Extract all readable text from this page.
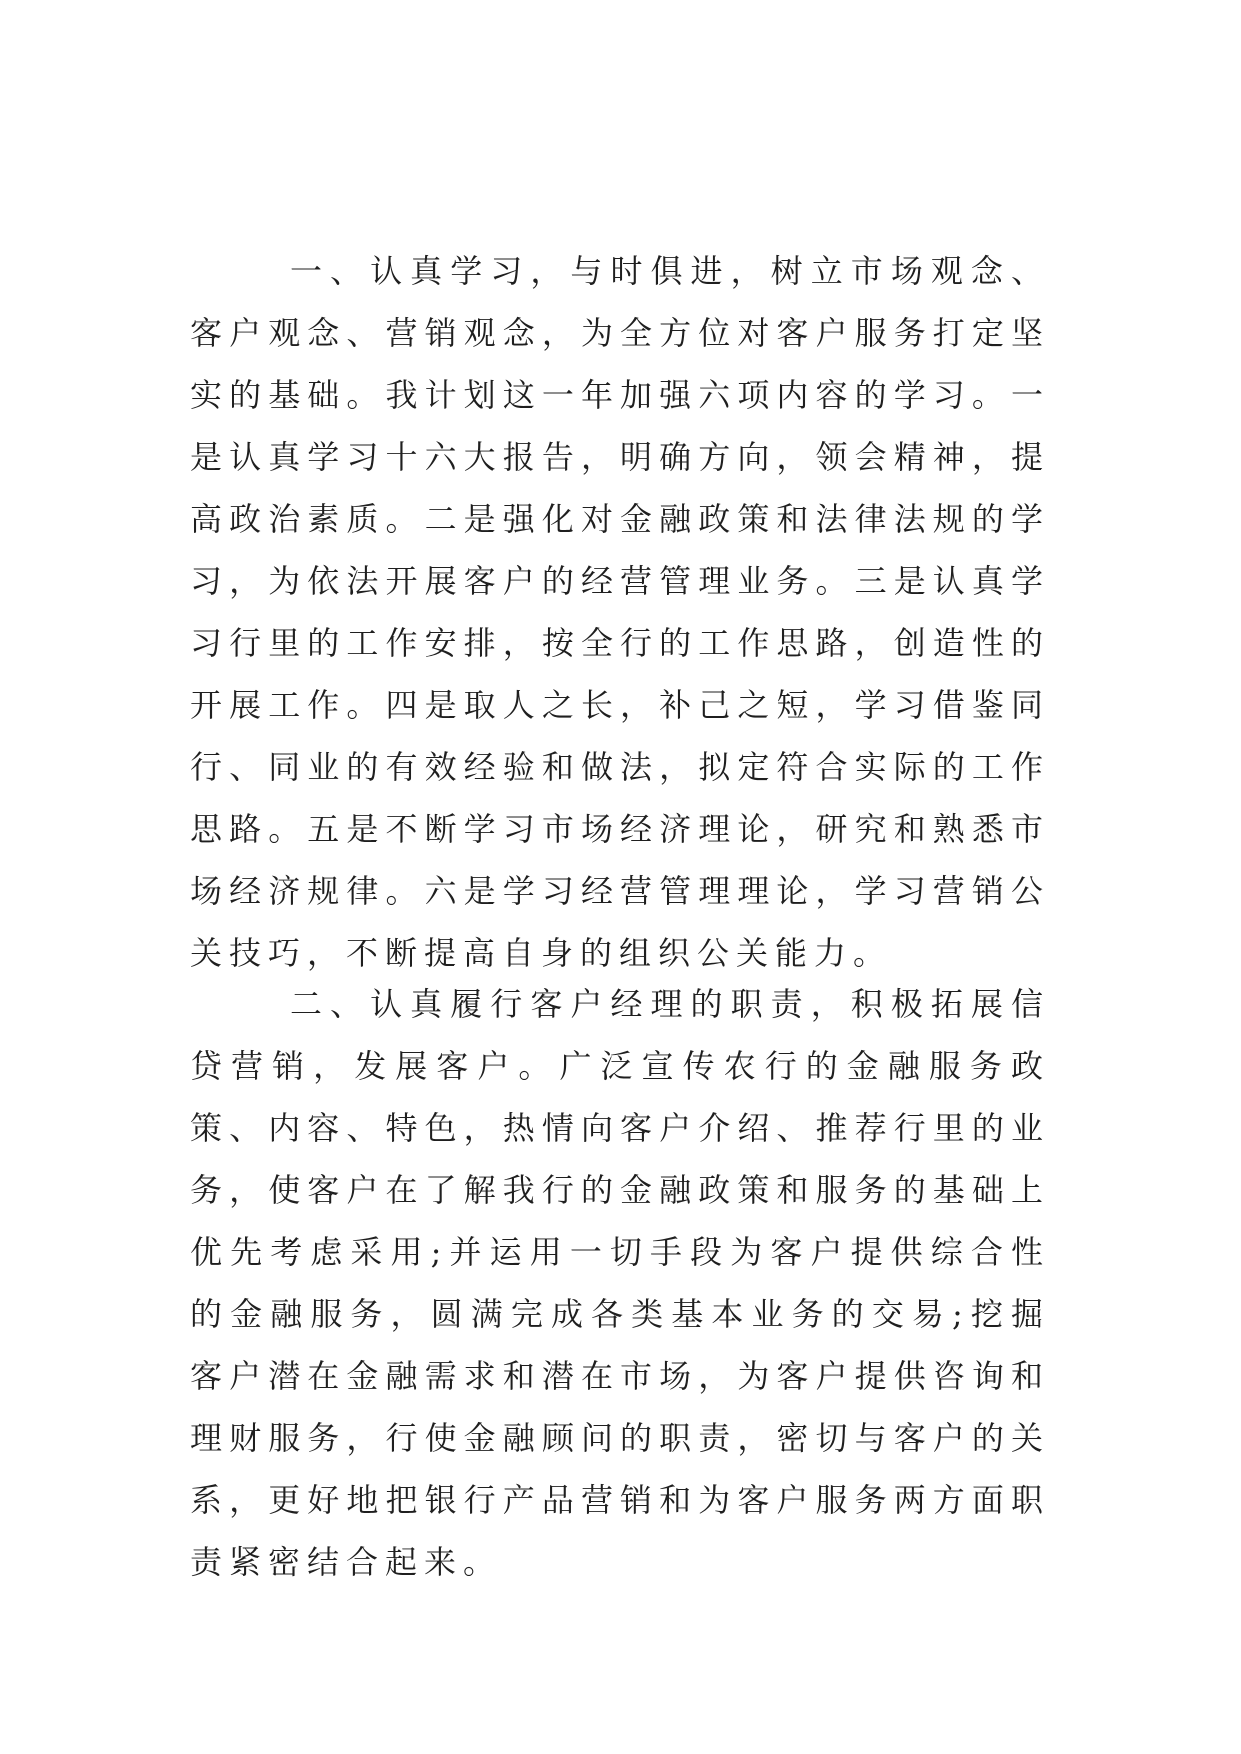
一、认真学习，与时俱进，树立市场观念、客户观念、营销观念，为全方位对客户服务打定坚实的基础。我计划这一年加强六项内容的学习。一是认真学习十六大报告，明确方向，领会精神，提高政治素质。二是强化对金融政策和法律法规的学习，为依法开展客户的经营管理业务。三是认真学习行里的工作安排，按全行的工作思路，创造性的开展工作。四是取人之长，补己之短，学习借鉴同行、同业的有效经验和做法，拟定符合实际的工作思路。五是不断学习市场经济理论，研究和熟悉市场经济规律。六是学习经营管理理论，学习营销公关技巧，不断提高自身的组织公关能力。

二、认真履行客户经理的职责，积极拓展信贷营销，发展客户。广泛宣传农行的金融服务政策、内容、特色，热情向客户介绍、推荐行里的业务，使客户在了解我行的金融政策和服务的基础上优先考虑采用;并运用一切手段为客户提供综合性的金融服务，圆满完成各类基本业务的交易;挖掘客户潜在金融需求和潜在市场，为客户提供咨询和理财服务，行使金融顾问的职责，密切与客户的关系，更好地把银行产品营销和为客户服务两方面职责紧密结合起来。
